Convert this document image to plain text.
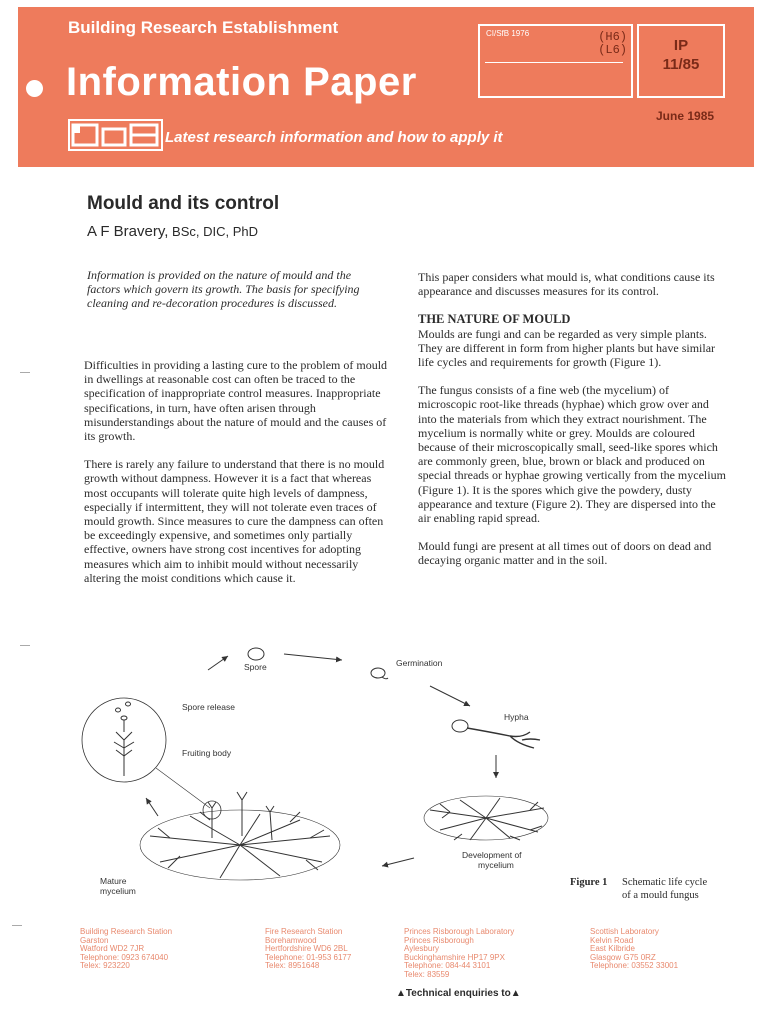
Building Research Establishment
Information Paper
Latest research information and how to apply it
CI/SfB 1976	(H6)
(L6)	IP
11/85
June 1985
Mould and its control
A F Bravery, BSc, DIC, PhD

Information is provided on the nature of mould and the factors which govern its growth. The basis for specifying cleaning and re-decoration procedures is discussed.

Difficulties in providing a lasting cure to the problem of mould in dwellings at reasonable cost can often be traced to the specification of inappropriate control measures. Inappropriate specifications, in turn, have often arisen through misunderstandings about the nature of mould and the causes of its growth.

There is rarely any failure to understand that there is no mould growth without dampness. However it is a fact that whereas most occupants will tolerate quite high levels of dampness, especially if intermittent, they will not tolerate even traces of mould growth. Since measures to cure the dampness can often be exceedingly expensive, and sometimes only partially effective, owners have strong cost incentives for adopting measures which aim to inhibit mould without necessarily altering the moist conditions which cause it.

This paper considers what mould is, what conditions cause its appearance and discusses measures for its control.

THE NATURE OF MOULD

Moulds are fungi and can be regarded as very simple plants. They are different in form from higher plants but have similar life cycles and requirements for growth (Figure 1).

The fungus consists of a fine web (the mycelium) of microscopic root-like threads (hyphae) which grow over and into the materials from which they extract nourishment. The mycelium is normally white or grey. Moulds are coloured because of their microscopically small, seed-like spores which are commonly green, blue, brown or black and produced on special threads or hyphae growing vertically from the mycelium (Figure 1). It is the spores which give the powdery, dusty appearance and texture (Figure 2). They are dispersed into the air enabling rapid spread.

Mould fungi are present at all times out of doors on dead and decaying organic matter and in the soil.

Spore	Germination
Hypha
Development of
mycelium
Mature
mycelium
Spore release
Fruiting body
Figure 1 Schematic life cycle
of a mould fungus
Building Research Station
Garston
Watford WD2 7JR
Telephone: 0923 674040
Telex: 923220
Fire Research Station
Borehamwood
Hertfordshire WD6 2BL
Telephone: 01-953 6177
Telex: 8951648
Princes Risborough Laboratory
Princes Risborough
Aylesbury
Buckinghamshire HP17 9PX
Telephone: 084-44 3101
Telex: 83559
Scottish Laboratory
Kelvin Road
East Kilbride
Glasgow G75 0RZ
Telephone: 03552 33001
▲Technical enquiries to▲
